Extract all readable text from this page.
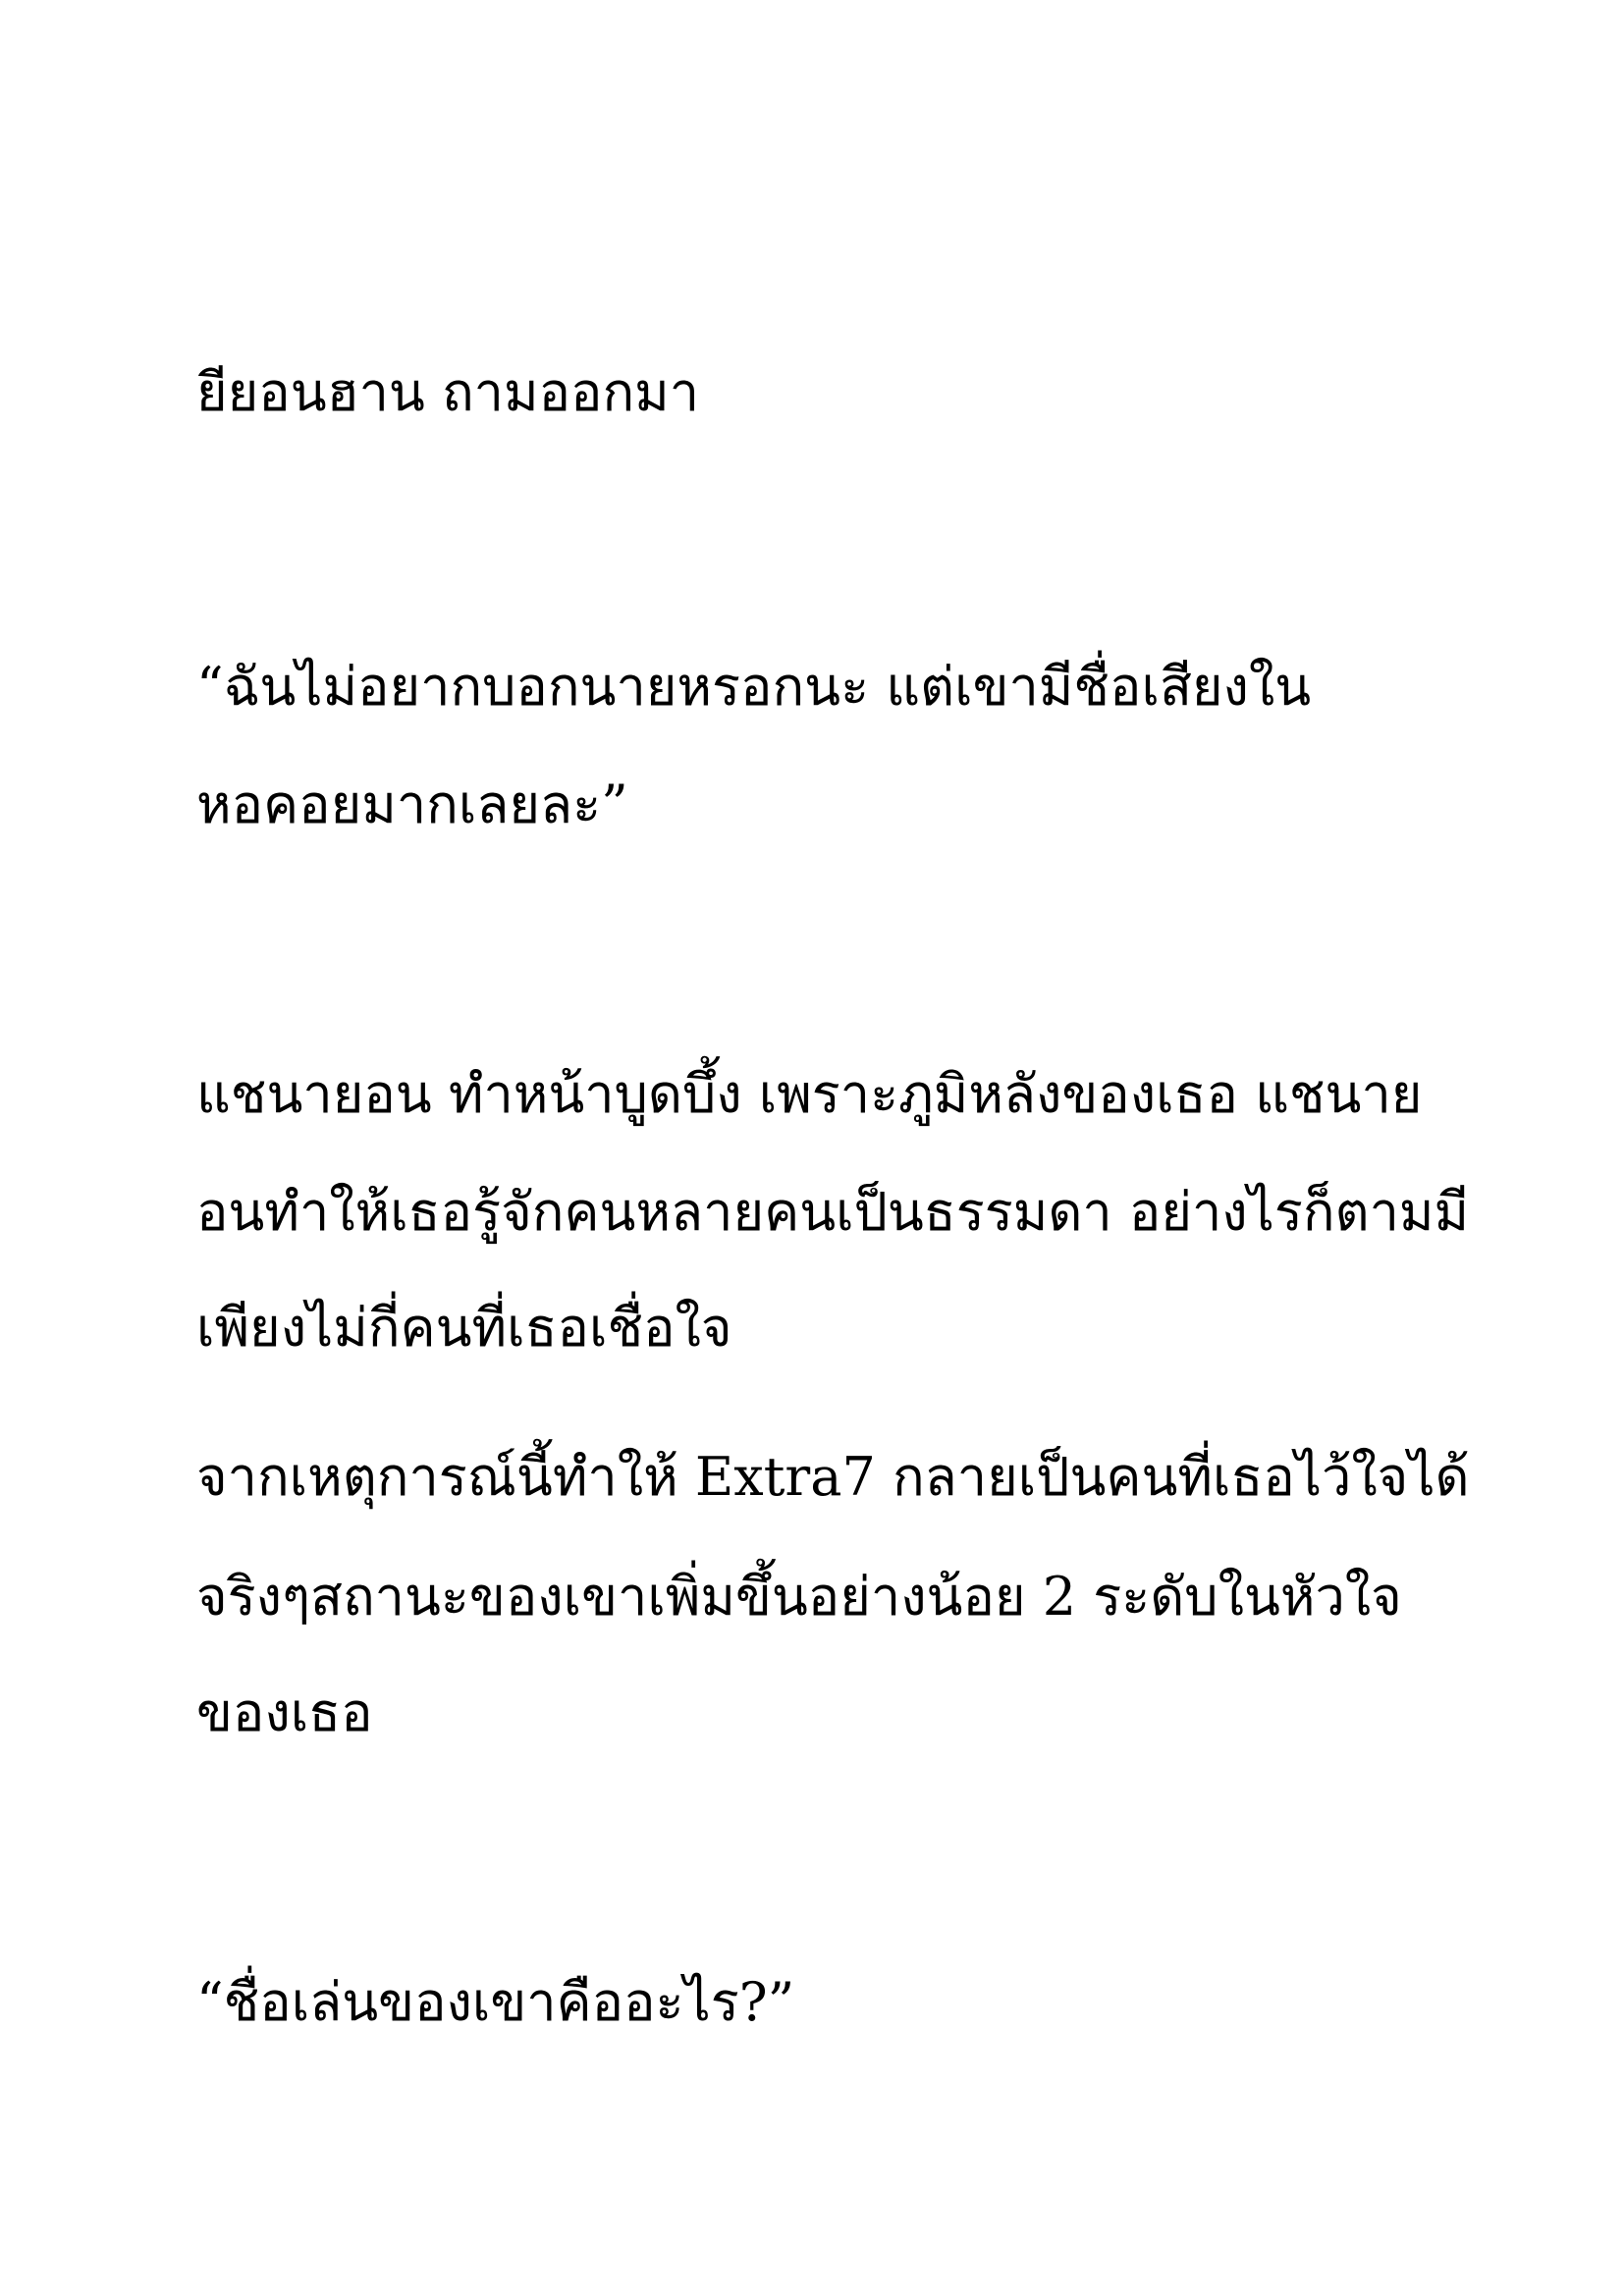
ยียอนฮาน ถามออกมา
“ฉันไม่อยากบอกนายหรอกนะ แต่เขามีชื่อเสียงใน
หอคอยมากเลยละ”
แชนายอน ทำหน้าบูดบึ้ง เพราะภูมิหลังของเธอ แชนาย
อนทำให้เธอรู้จักคนหลายคนเป็นธรรมดา อย่างไรก็ตามมี
เพียงไม่กี่คนที่เธอเชื่อใจ
จากเหตุการณ์นี้ทำให้ Extra7 กลายเป็นคนที่เธอไว้ใจได้
จริงๆสถานะของเขาเพิ่มขึ้นอย่างน้อย 2 ระดับในหัวใจ
ของเธอ
“ชื่อเล่นของเขาคืออะไร?”
